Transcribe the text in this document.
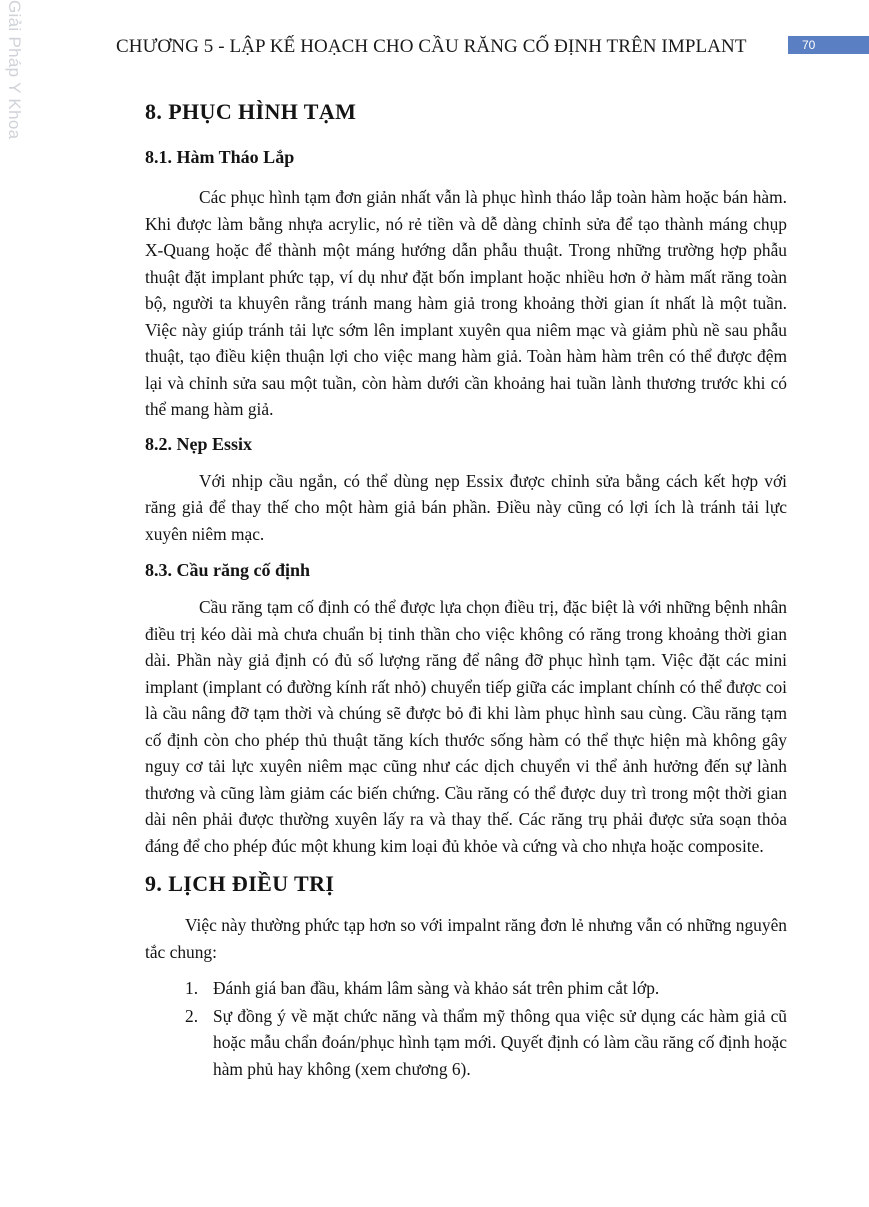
Giải Pháp Y Khoa	CHƯƠNG 5 - LẬP KẾ HOẠCH CHO CẦU RĂNG CỐ ĐỊNH TRÊN IMPLANT	70
8. PHỤC HÌNH TẠM
8.1. Hàm Tháo Lắp

Các phục hình tạm đơn giản nhất vẫn là phục hình tháo lắp toàn hàm hoặc bán hàm. Khi được làm bằng nhựa acrylic, nó rẻ tiền và dễ dàng chỉnh sửa để tạo thành máng chụp X-Quang hoặc để thành một máng hướng dẫn phẫu thuật. Trong những trường hợp phẫu thuật đặt implant phức tạp, ví dụ như đặt bốn implant hoặc nhiều hơn ở hàm mất răng toàn bộ, người ta khuyên rằng tránh mang hàm giả trong khoảng thời gian ít nhất là một tuần. Việc này giúp tránh tải lực sớm lên implant xuyên qua niêm mạc và giảm phù nề sau phẫu thuật, tạo điều kiện thuận lợi cho việc mang hàm giả. Toàn hàm hàm trên có thể được đệm lại và chỉnh sửa sau một tuần, còn hàm dưới cần khoảng hai tuần lành thương trước khi có thể mang hàm giả.

8.2. Nẹp Essix

Với nhịp cầu ngắn, có thể dùng nẹp Essix được chỉnh sửa bằng cách kết hợp với răng giả để thay thế cho một hàm giả bán phần. Điều này cũng có lợi ích là tránh tải lực xuyên niêm mạc.

8.3. Cầu răng cố định

Cầu răng tạm cố định có thể được lựa chọn điều trị, đặc biệt là với những bệnh nhân điều trị kéo dài mà chưa chuẩn bị tinh thần cho việc không có răng trong khoảng thời gian dài. Phần này giả định có đủ số lượng răng để nâng đỡ phục hình tạm. Việc đặt các mini implant (implant có đường kính rất nhỏ) chuyển tiếp giữa các implant chính có thể được coi là cầu nâng đỡ tạm thời và chúng sẽ được bỏ đi khi làm phục hình sau cùng. Cầu răng tạm cố định còn cho phép thủ thuật tăng kích thước sống hàm có thể thực hiện mà không gây nguy cơ tải lực xuyên niêm mạc cũng như các dịch chuyển vi thể ảnh hưởng đến sự lành thương và cũng làm giảm các biến chứng. Cầu răng có thể được duy trì trong một thời gian dài nên phải được thường xuyên lấy ra và thay thế. Các răng trụ phải được sửa soạn thỏa đáng để cho phép đúc một khung kim loại đủ khỏe và cứng và cho nhựa hoặc composite.

9. LỊCH ĐIỀU TRỊ

Việc này thường phức tạp hơn so với impalnt răng đơn lẻ nhưng vẫn có những nguyên tắc chung:

1. Đánh giá ban đầu, khám lâm sàng và khảo sát trên phim cắt lớp.
2. Sự đồng ý về mặt chức năng và thẩm mỹ thông qua việc sử dụng các hàm giả cũ hoặc mẫu chẩn đoán/phục hình tạm mới. Quyết định có làm cầu răng cố định hoặc hàm phủ hay không (xem chương 6).
